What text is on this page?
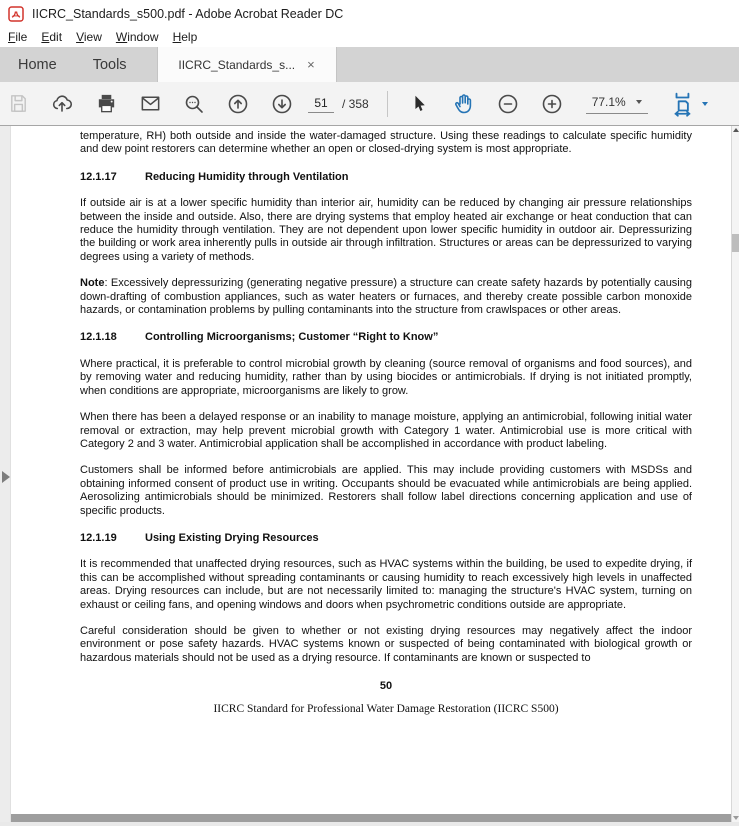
IICRC_Standards_s500.pdf - Adobe Acrobat Reader DC
File Edit View Window Help
Home Tools	IICRC_Standards_s... ×
51
/ 358	77.1%

temperature, RH) both outside and inside the water-damaged structure. Using these readings to calculate specific humidity and dew point restorers can determine whether an open or closed-drying system is most appropriate.

12.1.17	Reducing Humidity through Ventilation

If outside air is at a lower specific humidity than interior air, humidity can be reduced by changing air pressure relationships between the inside and outside. Also, there are drying systems that employ heated air exchange or heat conduction that can reduce the humidity through ventilation. They are not dependent upon lower specific humidity in outdoor air. Depressurizing the building or work area inherently pulls in outside air through infiltration. Structures or areas can be depressurized to varying degrees using a variety of methods.

Note: Excessively depressurizing (generating negative pressure) a structure can create safety hazards by potentially causing down-drafting of combustion appliances, such as water heaters or furnaces, and thereby create possible carbon monoxide hazards, or contamination problems by pulling contaminants into the structure from crawlspaces or other areas.

12.1.18	Controlling Microorganisms; Customer “Right to Know”

Where practical, it is preferable to control microbial growth by cleaning (source removal of organisms and food sources), and by removing water and reducing humidity, rather than by using biocides or antimicrobials. If drying is not initiated promptly, when conditions are appropriate, microorganisms are likely to grow.

When there has been a delayed response or an inability to manage moisture, applying an antimicrobial, following initial water removal or extraction, may help prevent microbial growth with Category 1 water. Antimicrobial use is more critical with Category 2 and 3 water. Antimicrobial application shall be accomplished in accordance with product labeling.

Customers shall be informed before antimicrobials are applied. This may include providing customers with MSDSs and obtaining informed consent of product use in writing. Occupants should be evacuated while antimicrobials are being applied. Aerosolizing antimicrobials should be minimized. Restorers shall follow label directions concerning application and use of specific products.

12.1.19	Using Existing Drying Resources

It is recommended that unaffected drying resources, such as HVAC systems within the building, be used to expedite drying, if this can be accomplished without spreading contaminants or causing humidity to reach excessively high levels in unaffected areas. Drying resources can include, but are not necessarily limited to: managing the structure's HVAC system, turning on exhaust or ceiling fans, and opening windows and doors when psychrometric conditions outside are appropriate.

Careful consideration should be given to whether or not existing drying resources may negatively affect the indoor environment or pose safety hazards. HVAC systems known or suspected of being contaminated with biological growth or hazardous materials should not be used as a drying resource. If contaminants are known or suspected to

50

IICRC Standard for Professional Water Damage Restoration (IICRC S500)
